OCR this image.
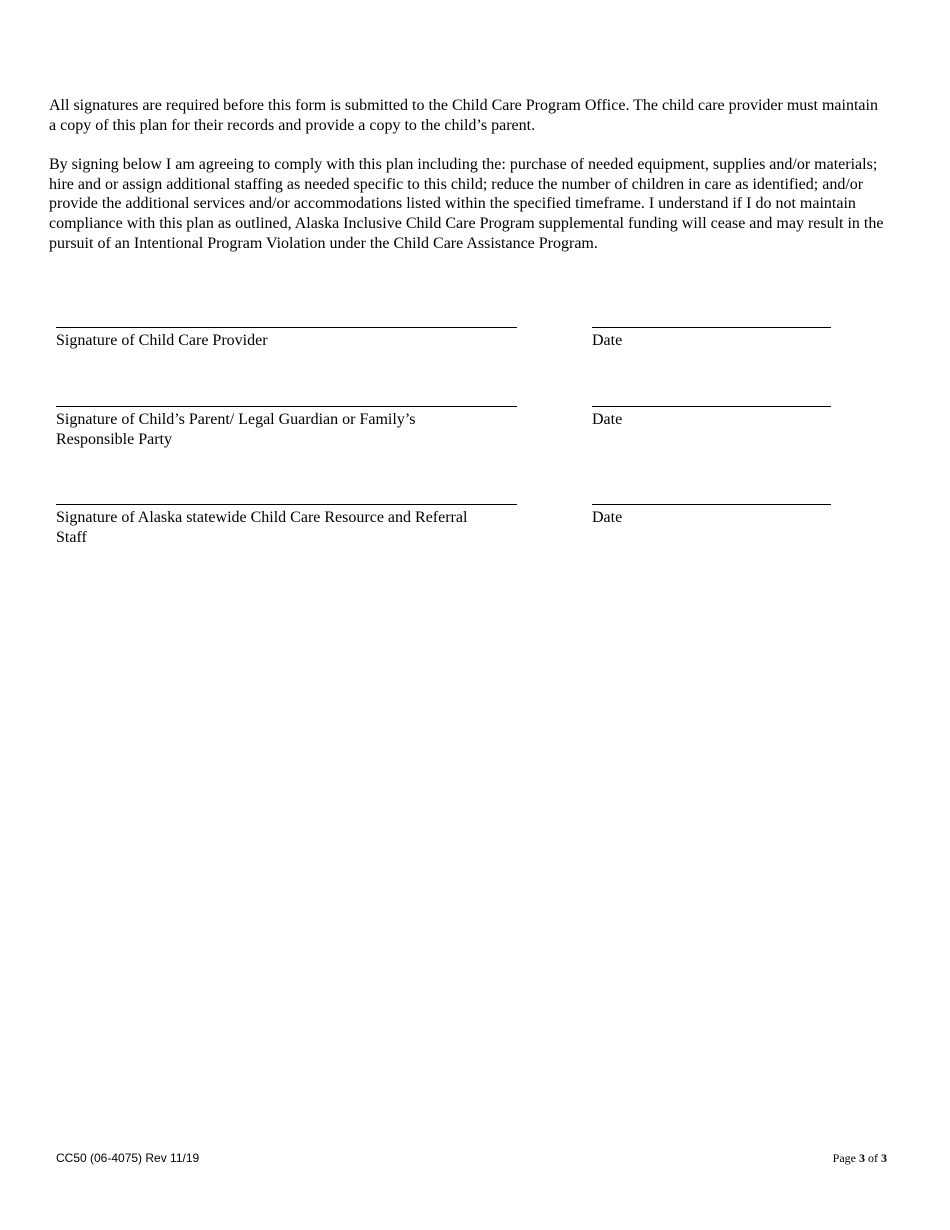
All signatures are required before this form is submitted to the Child Care Program Office. The child care provider must maintain a copy of this plan for their records and provide a copy to the child’s parent.

By signing below I am agreeing to comply with this plan including the: purchase of needed equipment, supplies and/or materials; hire and or assign additional staffing as needed specific to this child; reduce the number of children in care as identified; and/or provide the additional services and/or accommodations listed within the specified timeframe. I understand if I do not maintain compliance with this plan as outlined, Alaska Inclusive Child Care Program supplemental funding will cease and may result in the pursuit of an Intentional Program Violation under the Child Care Assistance Program.

Signature of Child Care Provider	Date
Signature of Child’s Parent/ Legal Guardian or Family’s Responsible Party
Date
Signature of Alaska statewide Child Care Resource and Referral Staff
Date
CC50 (06-4075) Rev 11/19	Page 3 of 3
